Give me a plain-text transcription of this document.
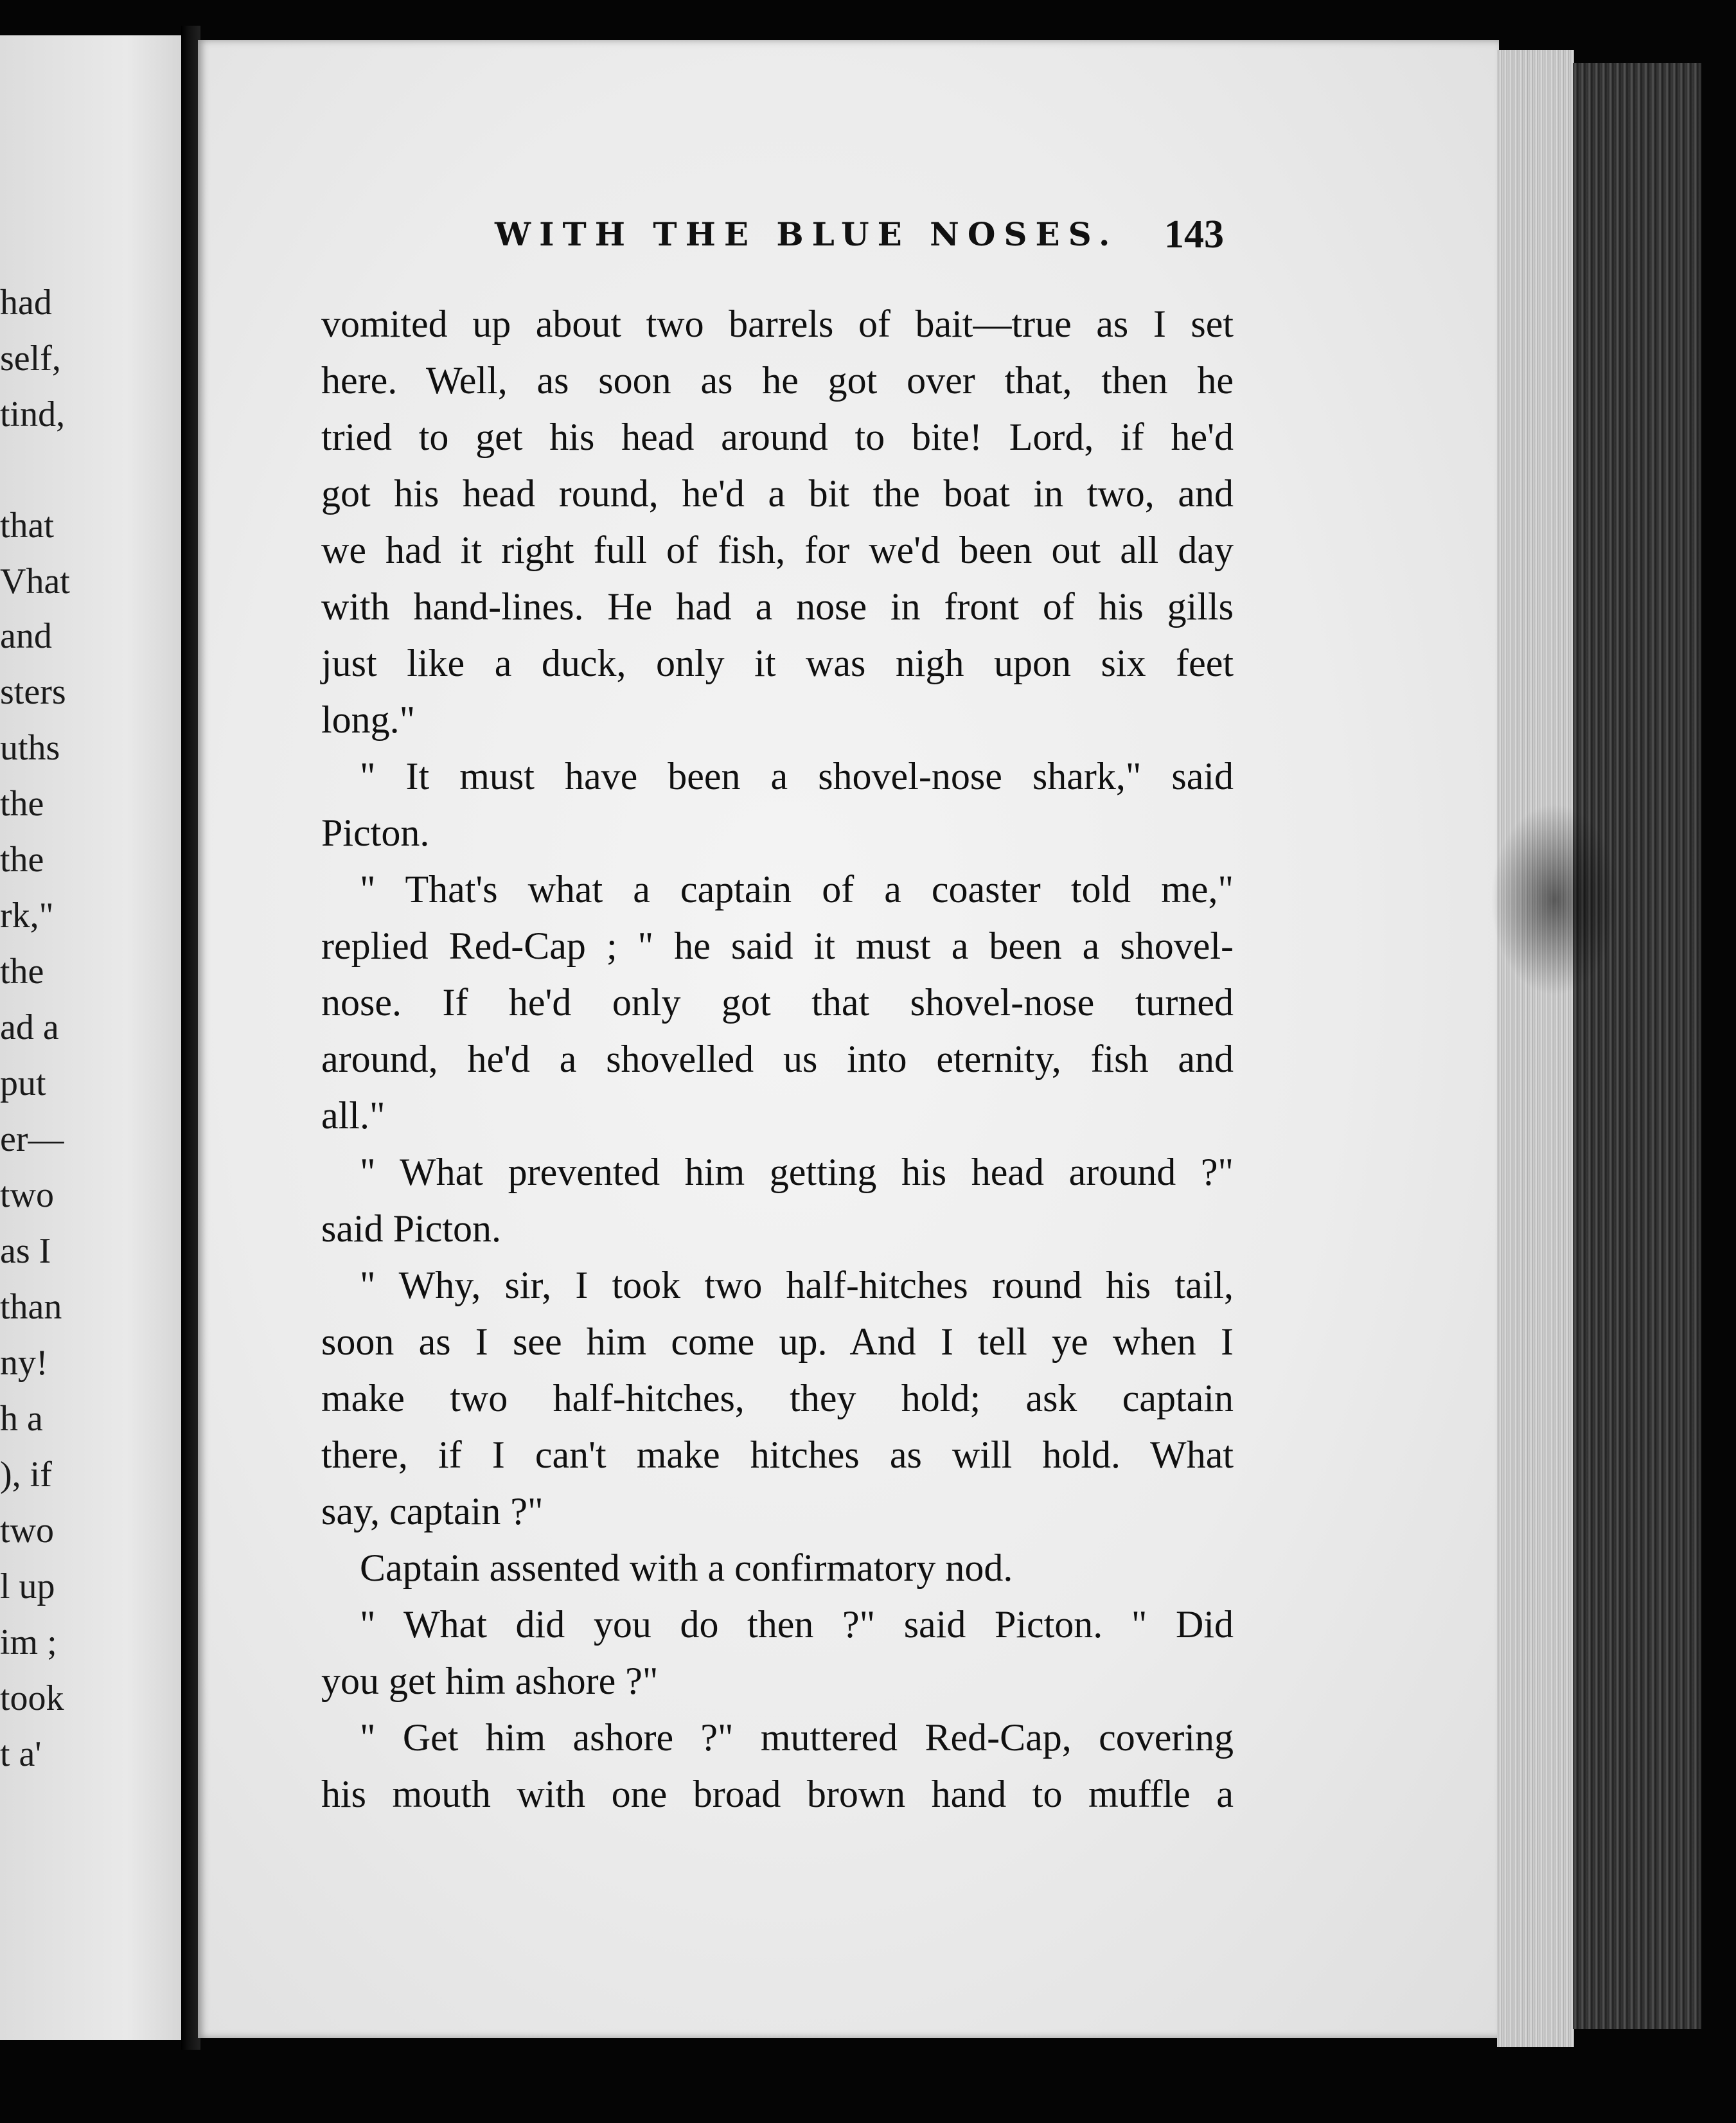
had
self,
tind,
that
Vhat
and
sters
uths
the
the
rk,"
the
ad a
put
er—
two
as I
than
ny!
h a
), if
two
l up
im ;
took
t a'
WITH THE BLUE NOSES. 143
vomited up about two barrels of bait—true as I set
here. Well, as soon as he got over that, then he
tried to get his head around to bite! Lord, if he'd
got his head round, he'd a bit the boat in two, and
we had it right full of fish, for we'd been out all day
with hand-lines. He had a nose in front of his gills
just like a duck, only it was nigh upon six feet
long."
" It must have been a shovel-nose shark," said
Picton.
" That's what a captain of a coaster told me,"
replied Red-Cap ; " he said it must a been a shovel-
nose. If he'd only got that shovel-nose turned
around, he'd a shovelled us into eternity, fish and
all."
" What prevented him getting his head around ?"
said Picton.
" Why, sir, I took two half-hitches round his tail,
soon as I see him come up. And I tell ye when I
make two half-hitches, they hold; ask captain
there, if I can't make hitches as will hold. What
say, captain ?"
Captain assented with a confirmatory nod.
" What did you do then ?" said Picton. " Did
you get him ashore ?"
" Get him ashore ?" muttered Red-Cap, covering
his mouth with one broad brown hand to muffle a
